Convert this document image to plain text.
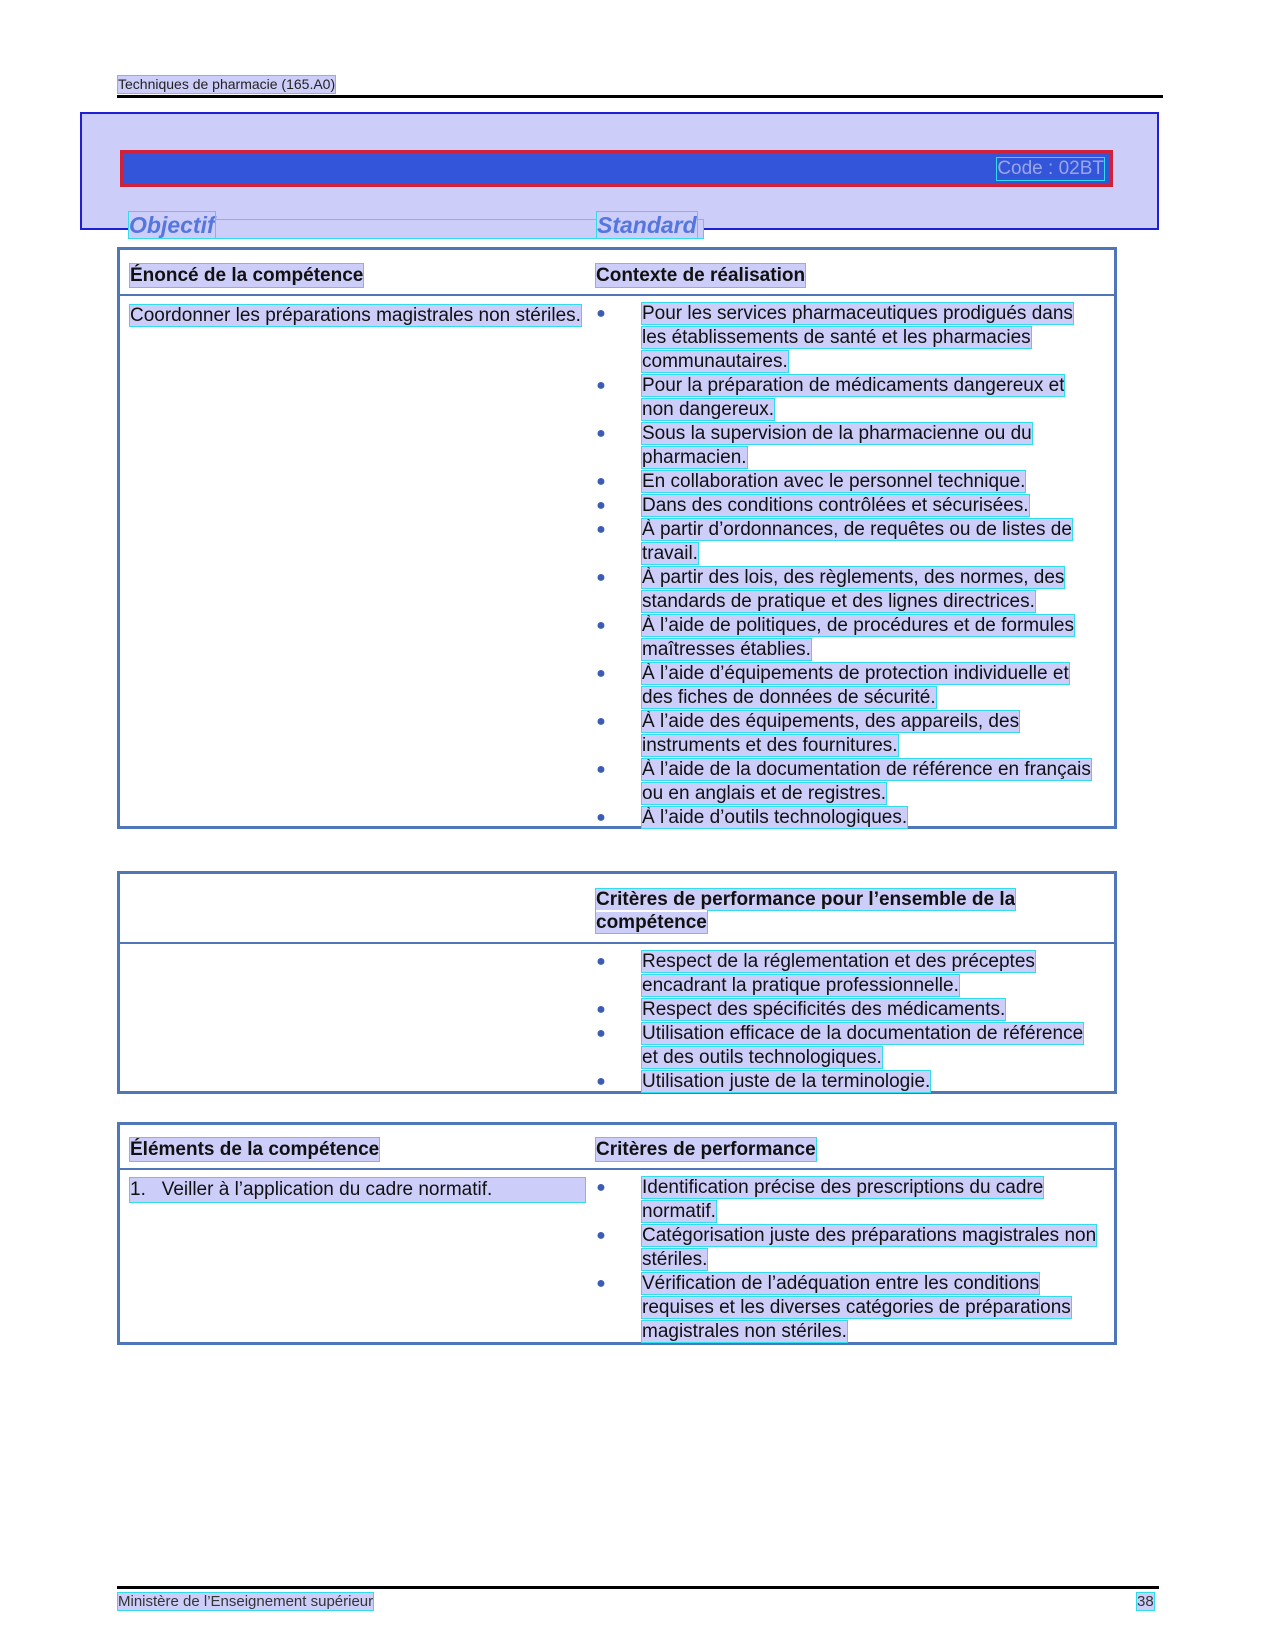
Techniques de pharmacie (165.A0)
Code : 02BT
Objectif	Standard
Énoncé de la compétence	Contexte de réalisation
Coordonner les préparations magistrales non stériles. ● Pour les services pharmaceutiques prodigués dans les établissements de santé et les pharmacies communautaires.
● Pour la préparation de médicaments dangereux et non dangereux.
● Sous la supervision de la pharmacienne ou du pharmacien.
● En collaboration avec le personnel technique.
● Dans des conditions contrôlées et sécurisées.
● À partir d’ordonnances, de requêtes ou de listes de travail.
● À partir des lois, des règlements, des normes, des standards de pratique et des lignes directrices.
● À l’aide de politiques, de procédures et de formules maîtresses établies.
● À l’aide d’équipements de protection individuelle et des fiches de données de sécurité.
● À l’aide des équipements, des appareils, des instruments et des fournitures.
● À l’aide de la documentation de référence en français ou en anglais et de registres.
● À l’aide d’outils technologiques.
Critères de performance pour l’ensemble de la compétence
● Respect de la réglementation et des préceptes encadrant la pratique professionnelle.
● Respect des spécificités des médicaments.
● Utilisation efficace de la documentation de référence et des outils technologiques.
● Utilisation juste de la terminologie.
Éléments de la compétence	Critères de performance
1. Veiller à l’application du cadre normatif.	● Identification précise des prescriptions du cadre normatif.
● Catégorisation juste des préparations magistrales non stériles.
● Vérification de l’adéquation entre les conditions requises et les diverses catégories de préparations magistrales non stériles.
Ministère de l’Enseignement supérieur	38
